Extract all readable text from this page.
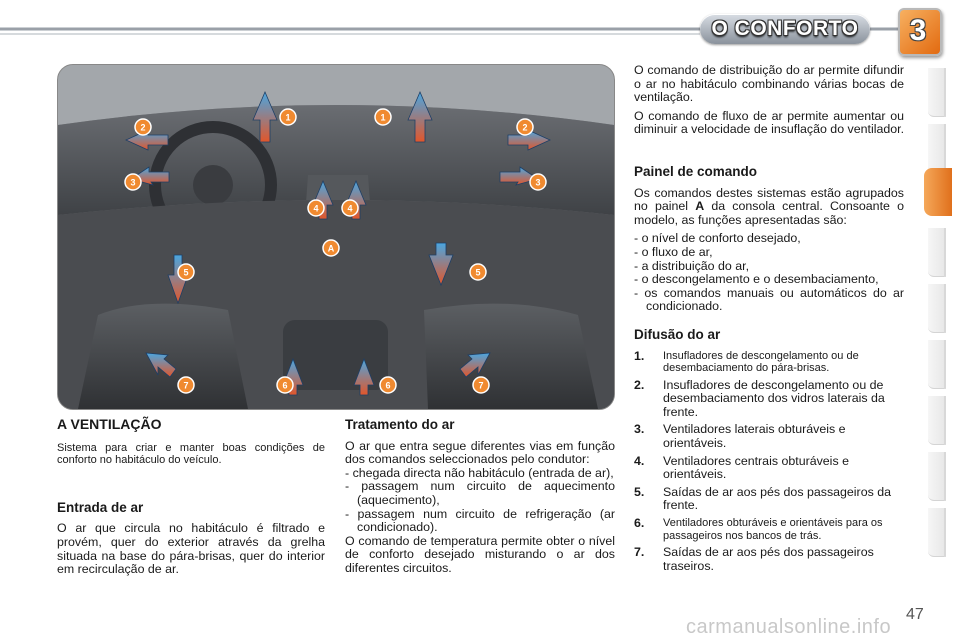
O CONFORTO	3
1	1
2	2
3	3
4	4
5	5
6	6
7	7
A

A VENTILAÇÃO

Sistema para criar e manter boas condições de conforto no habitáculo do veículo.

Entrada de ar

O ar que circula no habitáculo é filtrado e provém, quer do exterior através da grelha situada na base do pára-brisas, quer do interior em recirculação de ar.

Tratamento do ar

O ar que entra segue diferentes vias em função dos comandos seleccionados pelo condutor:

- chegada directa não habitáculo (entrada de ar),

- passagem num circuito de aquecimento (aquecimento),

- passagem num circuito de refrigeração (ar condicionado).

O comando de temperatura permite obter o nível de conforto desejado misturando o ar dos diferentes circuitos.

O comando de distribuição do ar permite difundir o ar no habitáculo combinando várias bocas de ventilação.

O comando de fluxo de ar permite aumentar ou diminuir a velocidade de insuflação do ventilador.

Painel de comando

Os comandos destes sistemas estão agrupados no painel A da consola central. Consoante o modelo, as funções apresentadas são:

- o nível de conforto desejado,

- o fluxo de ar,

- a distribuição do ar,

- o descongelamento e o desembaciamento,

- os comandos manuais ou automáticos do ar condicionado.

Difusão do ar

1. Insufladores de descongelamento ou de desembaciamento do pára-brisas.
2. Insufladores de descongelamento ou de desembaciamento dos vidros laterais da frente.
3. Ventiladores laterais obturáveis e orientáveis.
4. Ventiladores centrais obturáveis e orientáveis.
5. Saídas de ar aos pés dos passageiros da frente.
6. Ventiladores obturáveis e orientáveis para os passageiros nos bancos de trás.
7. Saídas de ar aos pés dos passageiros traseiros.
47
carmanualsonline.info
